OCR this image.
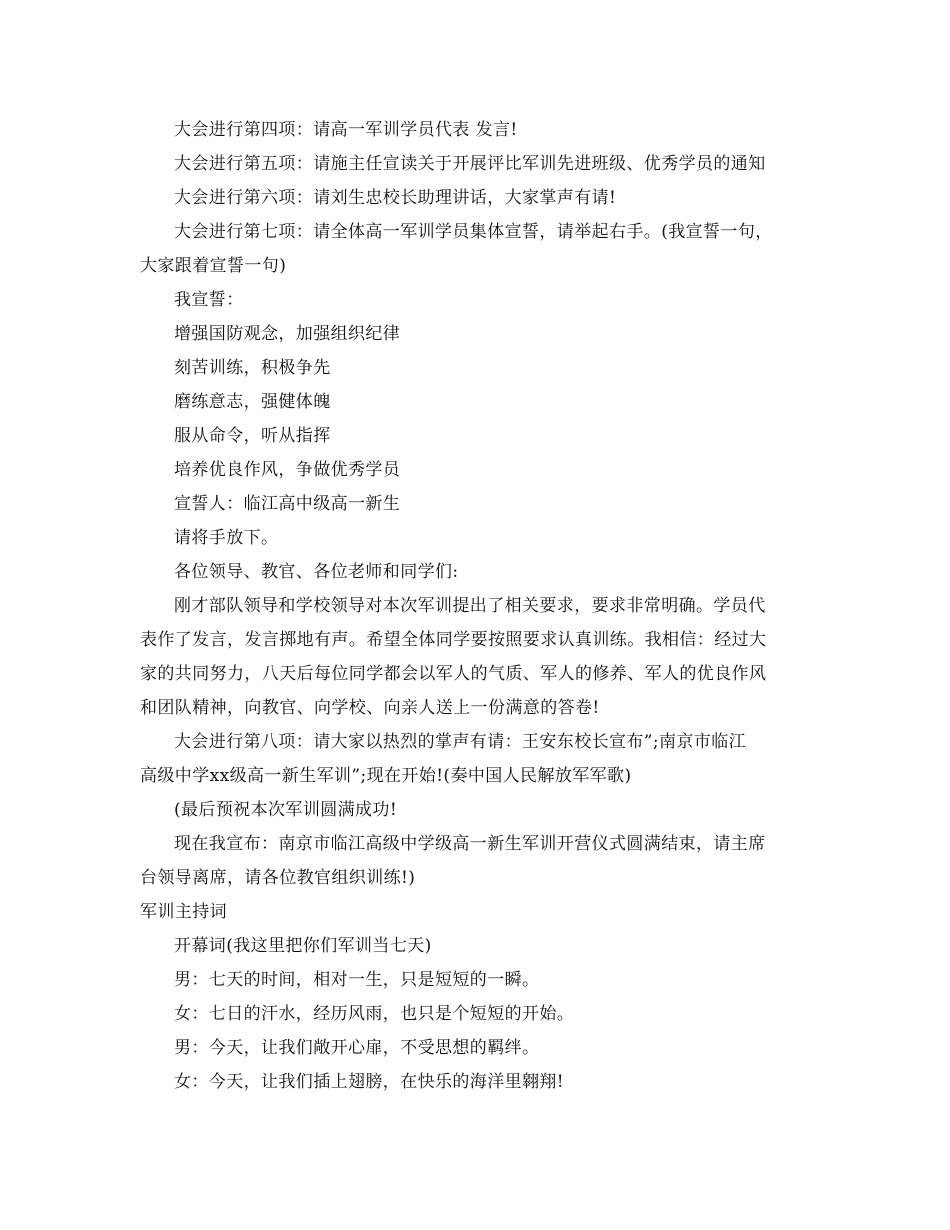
大会进行第四项：请高一军训学员代表 发言!
大会进行第五项：请施主任宣读关于开展评比军训先进班级、优秀学员的通知
大会进行第六项：请刘生忠校长助理讲话，大家掌声有请!
大会进行第七项：请全体高一军训学员集体宣誓，请举起右手。(我宣誓一句，
大家跟着宣誓一句)
我宣誓：
增强国防观念，加强组织纪律
刻苦训练，积极争先
磨练意志，强健体魄
服从命令，听从指挥
培养优良作风，争做优秀学员
宣誓人：临江高中级高一新生
请将手放下。
各位领导、教官、各位老师和同学们:
刚才部队领导和学校领导对本次军训提出了相关要求，要求非常明确。学员代
表作了发言，发言掷地有声。希望全体同学要按照要求认真训练。我相信：经过大
家的共同努力，八天后每位同学都会以军人的气质、军人的修养、军人的优良作风
和团队精神，向教官、向学校、向亲人送上一份满意的答卷!
大会进行第八项：请大家以热烈的掌声有请：王安东校长宣布”;南京市临江
高级中学xx级高一新生军训”;现在开始!(奏中国人民解放军军歌)
(最后预祝本次军训圆满成功!
现在我宣布：南京市临江高级中学级高一新生军训开营仪式圆满结束，请主席
台领导离席，请各位教官组织训练!)
军训主持词
开幕词(我这里把你们军训当七天)
男：七天的时间，相对一生，只是短短的一瞬。
女：七日的汗水，经历风雨，也只是个短短的开始。
男：今天，让我们敞开心扉，不受思想的羁绊。
女：今天，让我们插上翅膀，在快乐的海洋里翱翔!
